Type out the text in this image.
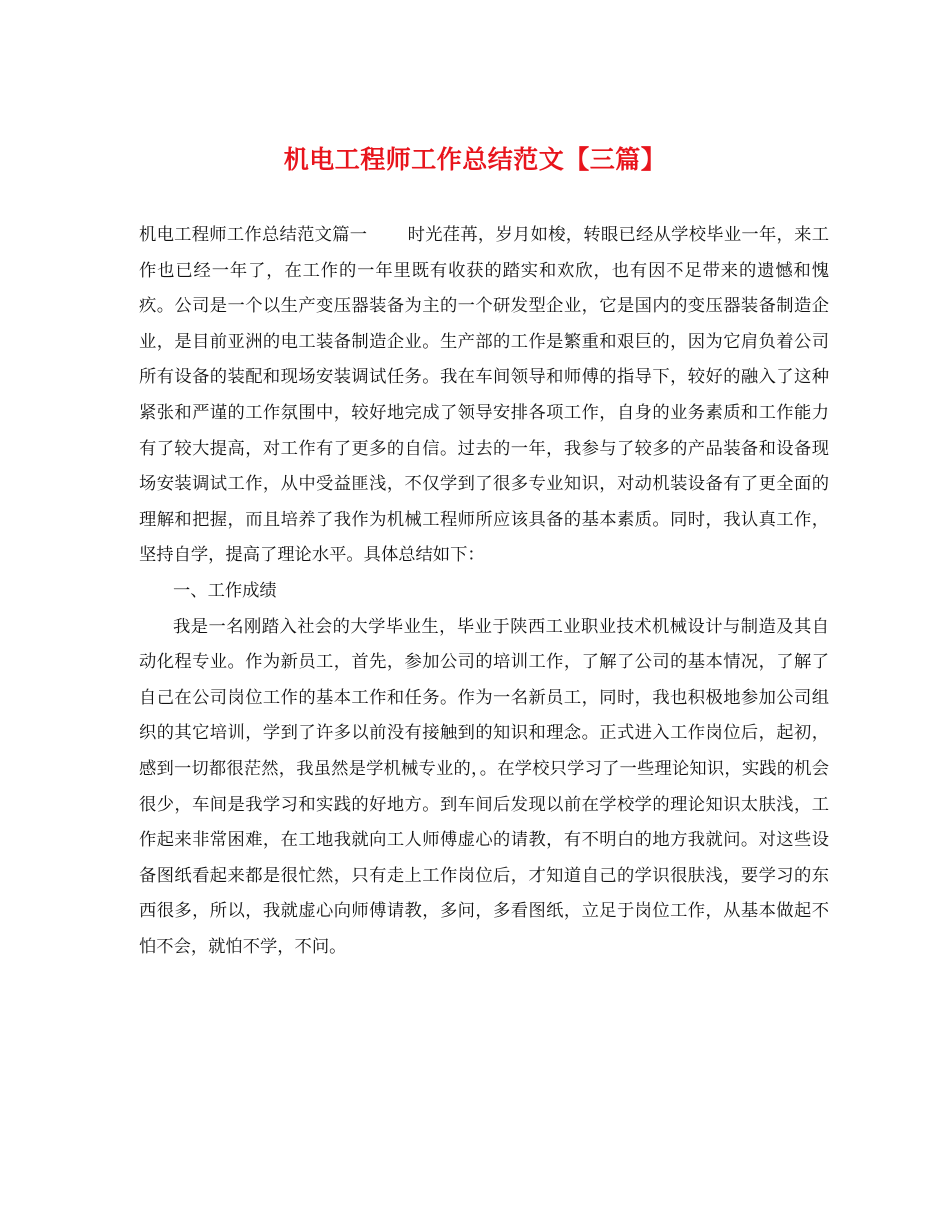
机电工程师工作总结范文【三篇】

机电工程师工作总结范文篇一 时光荏苒，岁月如梭，转眼已经从学校毕业一年，来工作也已经一年了，在工作的一年里既有收获的踏实和欢欣，也有因不足带来的遗憾和愧疚。公司是一个以生产变压器装备为主的一个研发型企业，它是国内的变压器装备制造企业，是目前亚洲的电工装备制造企业。生产部的工作是繁重和艰巨的，因为它肩负着公司所有设备的装配和现场安装调试任务。我在车间领导和师傅的指导下，较好的融入了这种紧张和严谨的工作氛围中，较好地完成了领导安排各项工作，自身的业务素质和工作能力有了较大提高，对工作有了更多的自信。过去的一年，我参与了较多的产品装备和设备现场安装调试工作，从中受益匪浅，不仅学到了很多专业知识，对动机装设备有了更全面的理解和把握，而且培养了我作为机械工程师所应该具备的基本素质。同时，我认真工作，坚持自学，提高了理论水平。具体总结如下：

一、工作成绩

我是一名刚踏入社会的大学毕业生，毕业于陕西工业职业技术机械设计与制造及其自动化程专业。作为新员工，首先，参加公司的培训工作，了解了公司的基本情况，了解了自己在公司岗位工作的基本工作和任务。作为一名新员工，同时，我也积极地参加公司组织的其它培训，学到了许多以前没有接触到的知识和理念。正式进入工作岗位后，起初，感到一切都很茫然，我虽然是学机械专业的，。在学校只学习了一些理论知识，实践的机会很少，车间是我学习和实践的好地方。到车间后发现以前在学校学的理论知识太肤浅，工作起来非常困难，在工地我就向工人师傅虚心的请教，有不明白的地方我就问。对这些设备图纸看起来都是很忙然，只有走上工作岗位后，才知道自己的学识很肤浅，要学习的东西很多，所以，我就虚心向师傅请教，多问，多看图纸，立足于岗位工作，从基本做起不怕不会，就怕不学，不问。
